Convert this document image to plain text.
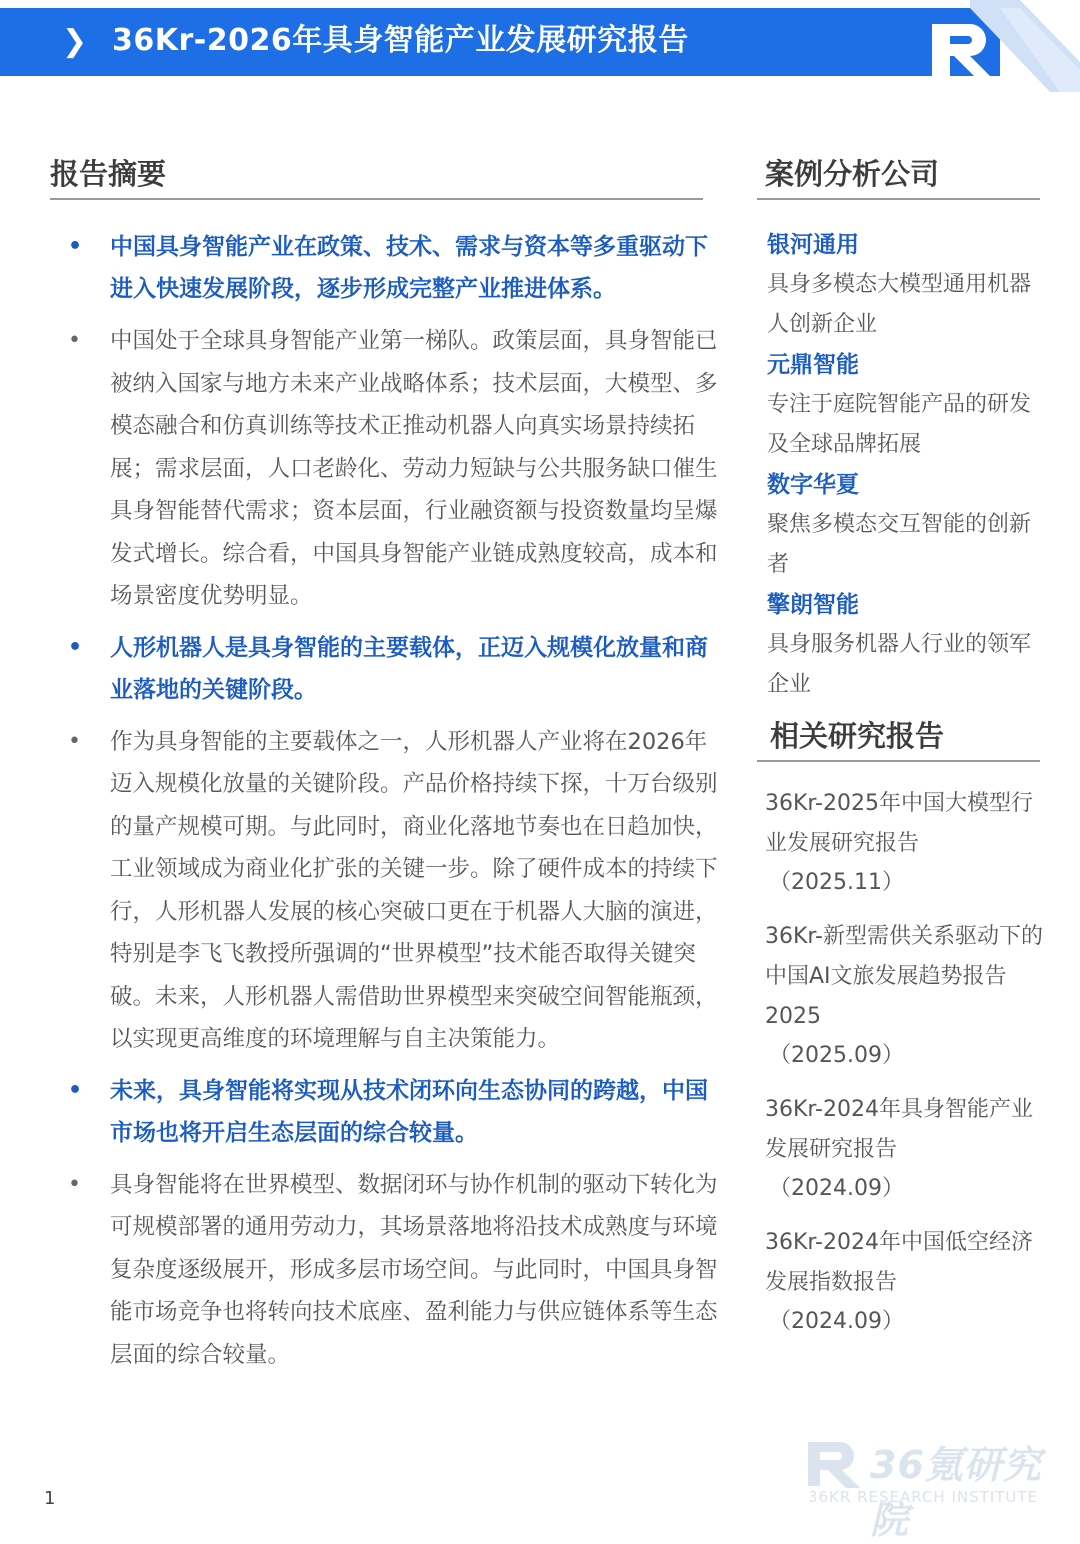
❯ 36Kr-2026年具身智能产业发展研究报告
报告摘要
• 中国具身智能产业在政策、技术、需求与资本等多重驱动下进入快速发展阶段，逐步形成完整产业推进体系。
• 中国处于全球具身智能产业第一梯队。政策层面，具身智能已被纳入国家与地方未来产业战略体系；技术层面，大模型、多模态融合和仿真训练等技术正推动机器人向真实场景持续拓展；需求层面，人口老龄化、劳动力短缺与公共服务缺口催生具身智能替代需求；资本层面，行业融资额与投资数量均呈爆发式增长。综合看，中国具身智能产业链成熟度较高，成本和场景密度优势明显。
• 人形机器人是具身智能的主要载体，正迈入规模化放量和商业落地的关键阶段。
• 作为具身智能的主要载体之一，人形机器人产业将在2026年迈入规模化放量的关键阶段。产品价格持续下探，十万台级别的量产规模可期。与此同时，商业化落地节奏也在日趋加快，工业领域成为商业化扩张的关键一步。除了硬件成本的持续下行，人形机器人发展的核心突破口更在于机器人大脑的演进，特别是李飞飞教授所强调的“世界模型”技术能否取得关键突破。未来，人形机器人需借助世界模型来突破空间智能瓶颈，以实现更高维度的环境理解与自主决策能力。
• 未来，具身智能将实现从技术闭环向生态协同的跨越，中国市场也将开启生态层面的综合较量。
• 具身智能将在世界模型、数据闭环与协作机制的驱动下转化为可规模部署的通用劳动力，其场景落地将沿技术成熟度与环境复杂度逐级展开，形成多层市场空间。与此同时，中国具身智能市场竞争也将转向技术底座、盈利能力与供应链体系等生态层面的综合较量。
案例分析公司
银河通用
具身多模态大模型通用机器人创新企业
元鼎智能
专注于庭院智能产品的研发及全球品牌拓展
数字华夏
聚焦多模态交互智能的创新者
擎朗智能
具身服务机器人行业的领军企业
相关研究报告
36Kr-2025年中国大模型行业发展研究报告
（2025.11）
36Kr-新型需供关系驱动下的中国AI文旅发展趋势报告2025
（2025.09）
36Kr-2024年具身智能产业发展研究报告
（2024.09）
36Kr-2024年中国低空经济发展指数报告
（2024.09）
1
36氪研究院
36KR RESEARCH INSTITUTE
